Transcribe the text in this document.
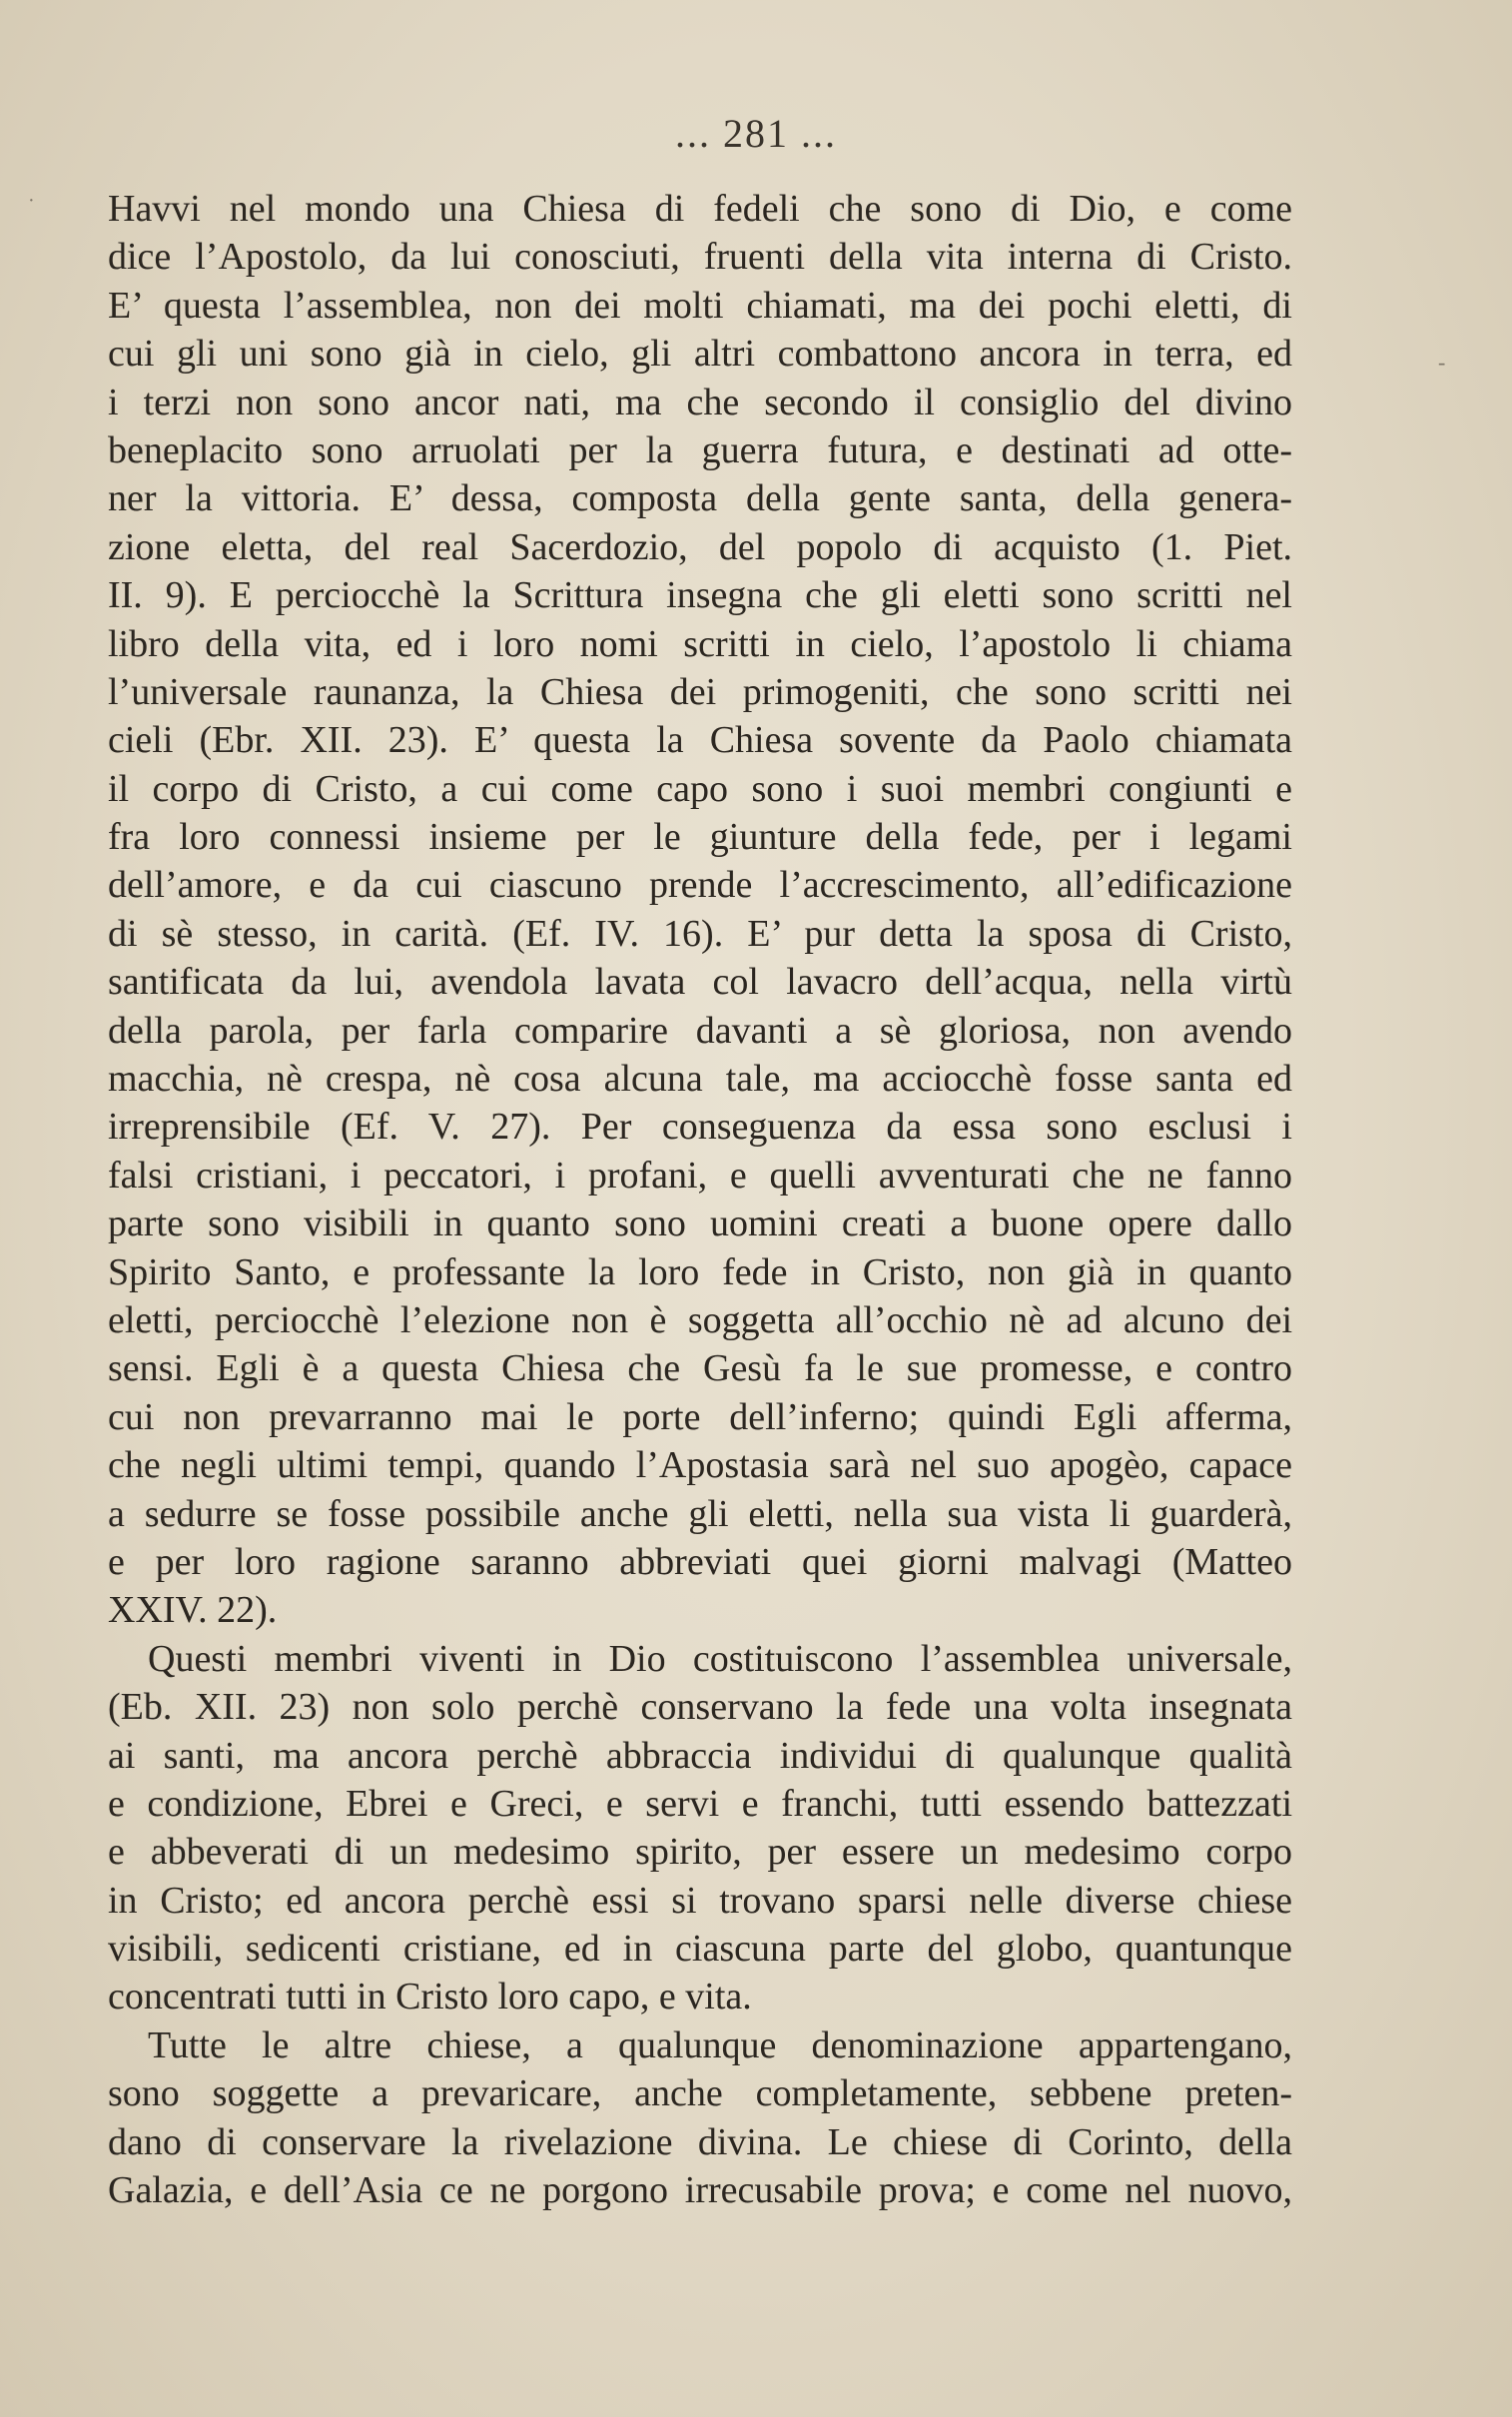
·
-
... 281 ...
Havvi nel mondo una Chiesa di fedeli che sono di Dio, e come
dice l’Apostolo, da lui conosciuti, fruenti della vita interna di Cristo.
E’ questa l’assemblea, non dei molti chiamati, ma dei pochi eletti, di
cui gli uni sono già in cielo, gli altri combattono ancora in terra, ed
i terzi non sono ancor nati, ma che secondo il consiglio del divino
beneplacito sono arruolati per la guerra futura, e destinati ad otte-
ner la vittoria. E’ dessa, composta della gente santa, della genera-
zione eletta, del real Sacerdozio, del popolo di acquisto (1. Piet.
II. 9). E perciocchè la Scrittura insegna che gli eletti sono scritti nel
libro della vita, ed i loro nomi scritti in cielo, l’apostolo li chiama
l’universale raunanza, la Chiesa dei primogeniti, che sono scritti nei
cieli (Ebr. XII. 23). E’ questa la Chiesa sovente da Paolo chiamata
il corpo di Cristo, a cui come capo sono i suoi membri congiunti e
fra loro connessi insieme per le giunture della fede, per i legami
dell’amore, e da cui ciascuno prende l’accrescimento, all’edificazione
di sè stesso, in carità. (Ef. IV. 16). E’ pur detta la sposa di Cristo,
santificata da lui, avendola lavata col lavacro dell’acqua, nella virtù
della parola, per farla comparire davanti a sè gloriosa, non avendo
macchia, nè crespa, nè cosa alcuna tale, ma acciocchè fosse santa ed
irreprensibile (Ef. V. 27). Per conseguenza da essa sono esclusi i
falsi cristiani, i peccatori, i profani, e quelli avventurati che ne fanno
parte sono visibili in quanto sono uomini creati a buone opere dallo
Spirito Santo, e professante la loro fede in Cristo, non già in quanto
eletti, perciocchè l’elezione non è soggetta all’occhio nè ad alcuno dei
sensi. Egli è a questa Chiesa che Gesù fa le sue promesse, e contro
cui non prevarranno mai le porte dell’inferno; quindi Egli afferma,
che negli ultimi tempi, quando l’Apostasia sarà nel suo apogèo, capace
a sedurre se fosse possibile anche gli eletti, nella sua vista li guarderà,
e per loro ragione saranno abbreviati quei giorni malvagi (Matteo
XXIV. 22).
Questi membri viventi in Dio costituiscono l’assemblea universale,
(Eb. XII. 23) non solo perchè conservano la fede una volta insegnata
ai santi, ma ancora perchè abbraccia individui di qualunque qualità
e condizione, Ebrei e Greci, e servi e franchi, tutti essendo battezzati
e abbeverati di un medesimo spirito, per essere un medesimo corpo
in Cristo; ed ancora perchè essi si trovano sparsi nelle diverse chiese
visibili, sedicenti cristiane, ed in ciascuna parte del globo, quantunque
concentrati tutti in Cristo loro capo, e vita.
Tutte le altre chiese, a qualunque denominazione appartengano,
sono soggette a prevaricare, anche completamente, sebbene preten-
dano di conservare la rivelazione divina. Le chiese di Corinto, della
Galazia, e dell’Asia ce ne porgono irrecusabile prova; e come nel nuovo,
